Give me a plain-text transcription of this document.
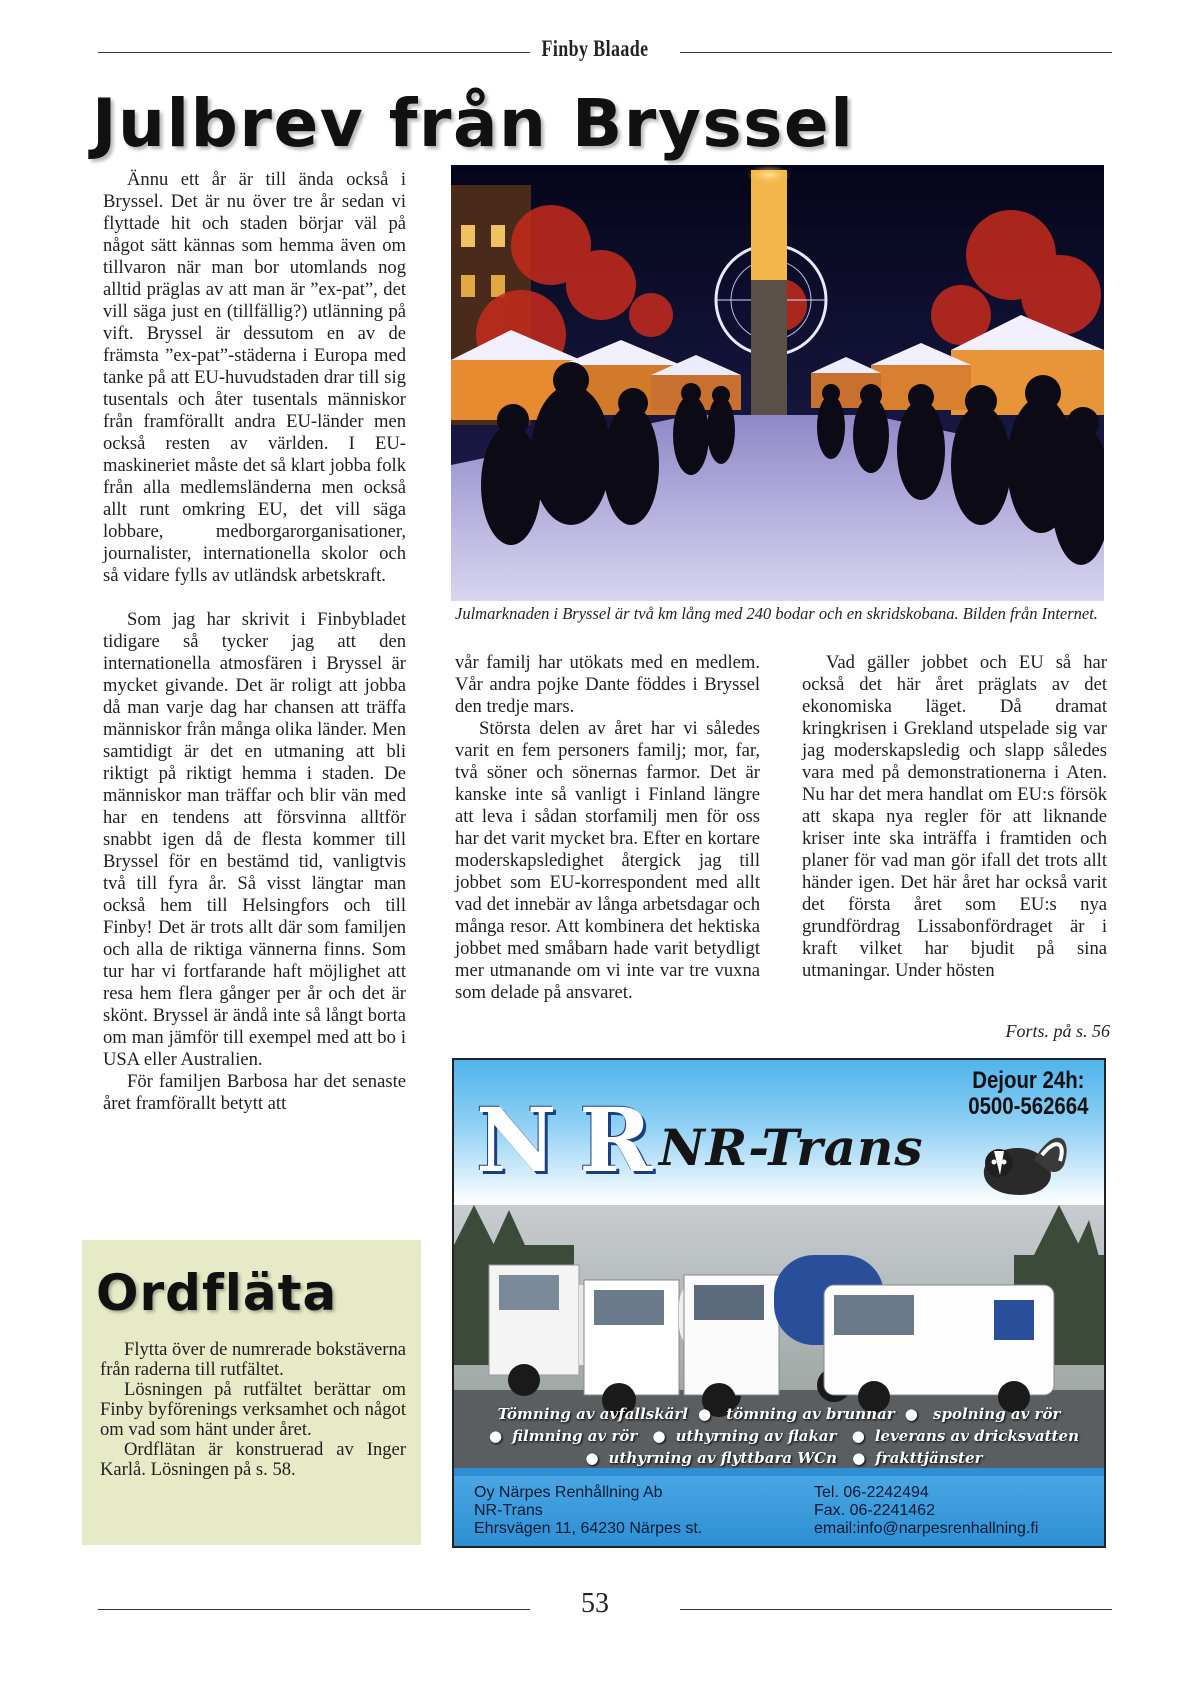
Finby Blaade
Julbrev från Bryssel

Ännu ett år är till ända också i Bryssel. Det är nu över tre år sedan vi flyttade hit och staden börjar väl på något sätt kännas som hemma även om tillvaron när man bor utomlands nog alltid präglas av att man är ”ex-pat”, det vill säga just en (tillfällig?) utlänning på vift. Bryssel är dessutom en av de främsta ”ex-pat”-städerna i Europa med tanke på att EU-huvudstaden drar till sig tusentals och åter tusentals människor från framförallt andra EU-länder men också resten av världen. I EU-maskineriet måste det så klart jobba folk från alla medlemsländerna men också allt runt omkring EU, det vill säga lobbare, medborgarorganisationer, journalister, internationella skolor och så vidare fylls av utländsk arbetskraft.

Som jag har skrivit i Finbybladet tidigare så tycker jag att den internationella atmosfären i Bryssel är mycket givande. Det är roligt att jobba då man varje dag har chansen att träffa människor från många olika länder. Men samtidigt är det en utmaning att bli riktigt på riktigt hemma i staden. De människor man träffar och blir vän med har en tendens att försvinna alltför snabbt igen då de flesta kommer till Bryssel för en bestämd tid, vanligtvis två till fyra år. Så visst längtar man också hem till Helsingfors och till Finby! Det är trots allt där som familjen och alla de riktiga vännerna finns. Som tur har vi fortfarande haft möjlighet att resa hem flera gånger per år och det är skönt. Bryssel är ändå inte så långt borta om man jämför till exempel med att bo i USA eller Australien.

För familjen Barbosa har det senaste året framförallt betytt att

Julmarknaden i Bryssel är två km lång med 240 bodar och en skridskobana. Bilden från Internet.

vår familj har utökats med en medlem. Vår andra pojke Dante föddes i Bryssel den tredje mars.

Största delen av året har vi således varit en fem personers familj; mor, far, två söner och sönernas farmor. Det är kanske inte så vanligt i Finland längre att leva i sådan storfamilj men för oss har det varit mycket bra. Efter en kortare moderskapsledighet återgick jag till jobbet som EU-korrespondent med allt vad det innebär av långa arbetsdagar och många resor. Att kombinera det hektiska jobbet med småbarn hade varit betydligt mer utmanande om vi inte var tre vuxna som delade på ansvaret.

Vad gäller jobbet och EU så har också det här året präglats av det ekonomiska läget. Då dramat kringkrisen i Grekland utspelade sig var jag moderskapsledig och slapp således vara med på demonstrationerna i Aten. Nu har det mera handlat om EU:s försök att skapa nya regler för att liknande kriser inte ska inträffa i framtiden och planer för vad man gör ifall det trots allt händer igen. Det här året har också varit det första året som EU:s nya grundfördrag Lissabonfördraget är i kraft vilket har bjudit på sina utmaningar. Under hösten

Forts. på s. 56
Ordfläta

Flytta över de numrerade bokstäverna från raderna till rutfältet.

Lösningen på rutfältet berättar om Finby byförenings verksamhet och något om vad som hänt under året.

Ordflätan är konstruerad av Inger Karlå. Lösningen på s. 58.

N R NR-Trans
Dejour 24h:
0500-562664
Tömning av avfallskärl ● tömning av brunnar ● spolning av rör
● filmning av rör ● uthyrning av flakar ● leverans av dricksvatten
● uthyrning av flyttbara WCn ● frakttjänster
Oy Närpes Renhållning Ab
NR-Trans
Ehrsvägen 11, 64230 Närpes st.
Tel. 06-2242494
Fax. 06-2241462
email:info@narpesrenhallning.fi
53
